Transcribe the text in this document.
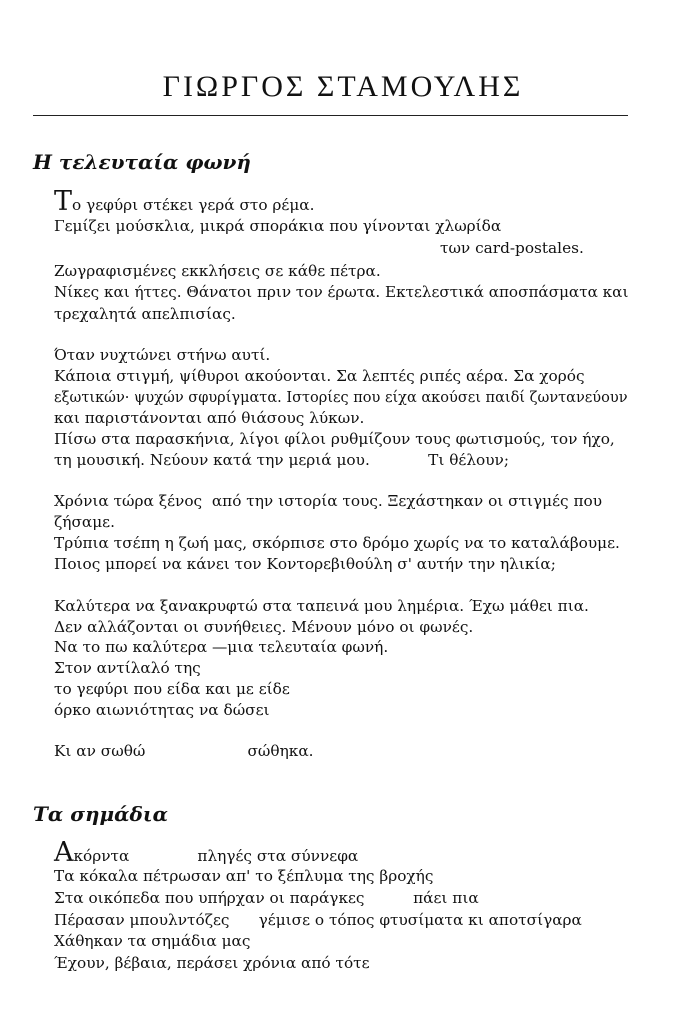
ΓΙΩΡΓΟΣ ΣΤΑΜΟΥΛΗΣ
Η τελευταία φωνή
Το γεφύρι στέκει γερά στο ρέμα.
Γεμίζει μούσκλια, μικρά σποράκια που γίνονται χλωρίδα
των card-postales.
Ζωγραφισμένες εκκλήσεις σε κάθε πέτρα.
Νίκες και ήττες. Θάνατοι πριν τον έρωτα. Εκτελεστικά αποσπάσματα και
τρεχαλητά απελπισίας.
Όταν νυχτώνει στήνω αυτί.
Κάποια στιγμή, ψίθυροι ακούονται. Σα λεπτές ριπές αέρα. Σα χορός
εξωτικών· ψυχών σφυρίγματα. Ιστορίες που είχα ακούσει παιδί ζωντανεύουν
και παριστάνονται από θιάσους λύκων.
Πίσω στα παρασκήνια, λίγοι φίλοι ρυθμίζουν τους φωτισμούς, τον ήχο,
τη μουσική. Νεύουν κατά την μεριά μου.            Τι θέλουν;
Χρόνια τώρα ξένος  από την ιστορία τους. Ξεχάστηκαν οι στιγμές που
ζήσαμε.
Τρύπια τσέπη η ζωή μας, σκόρπισε στο δρόμο χωρίς να το καταλάβουμε.
Ποιος μπορεί να κάνει τον Κοντορεβιθούλη σ' αυτήν την ηλικία;
Καλύτερα να ξανακρυφτώ στα ταπεινά μου λημέρια. Έχω μάθει πια.
Δεν αλλάζονται οι συνήθειες. Μένουν μόνο οι φωνές.
Να το πω καλύτερα —μια τελευταία φωνή.
Στον αντίλαλό της
το γεφύρι που είδα και με είδε
όρκο αιωνιότητας να δώσει
Κι αν σωθώ                     σώθηκα.
Τα σημάδια
Ακόρντα              πληγές στα σύννεφα
Τα κόκαλα πέτρωσαν απ' το ξέπλυμα της βροχής
Στα οικόπεδα που υπήρχαν οι παράγκες          πάει πια
Πέρασαν μπουλντόζες      γέμισε ο τόπος φτυσίματα κι αποτσίγαρα
Χάθηκαν τα σημάδια μας
Έχουν, βέβαια, περάσει χρόνια από τότε
